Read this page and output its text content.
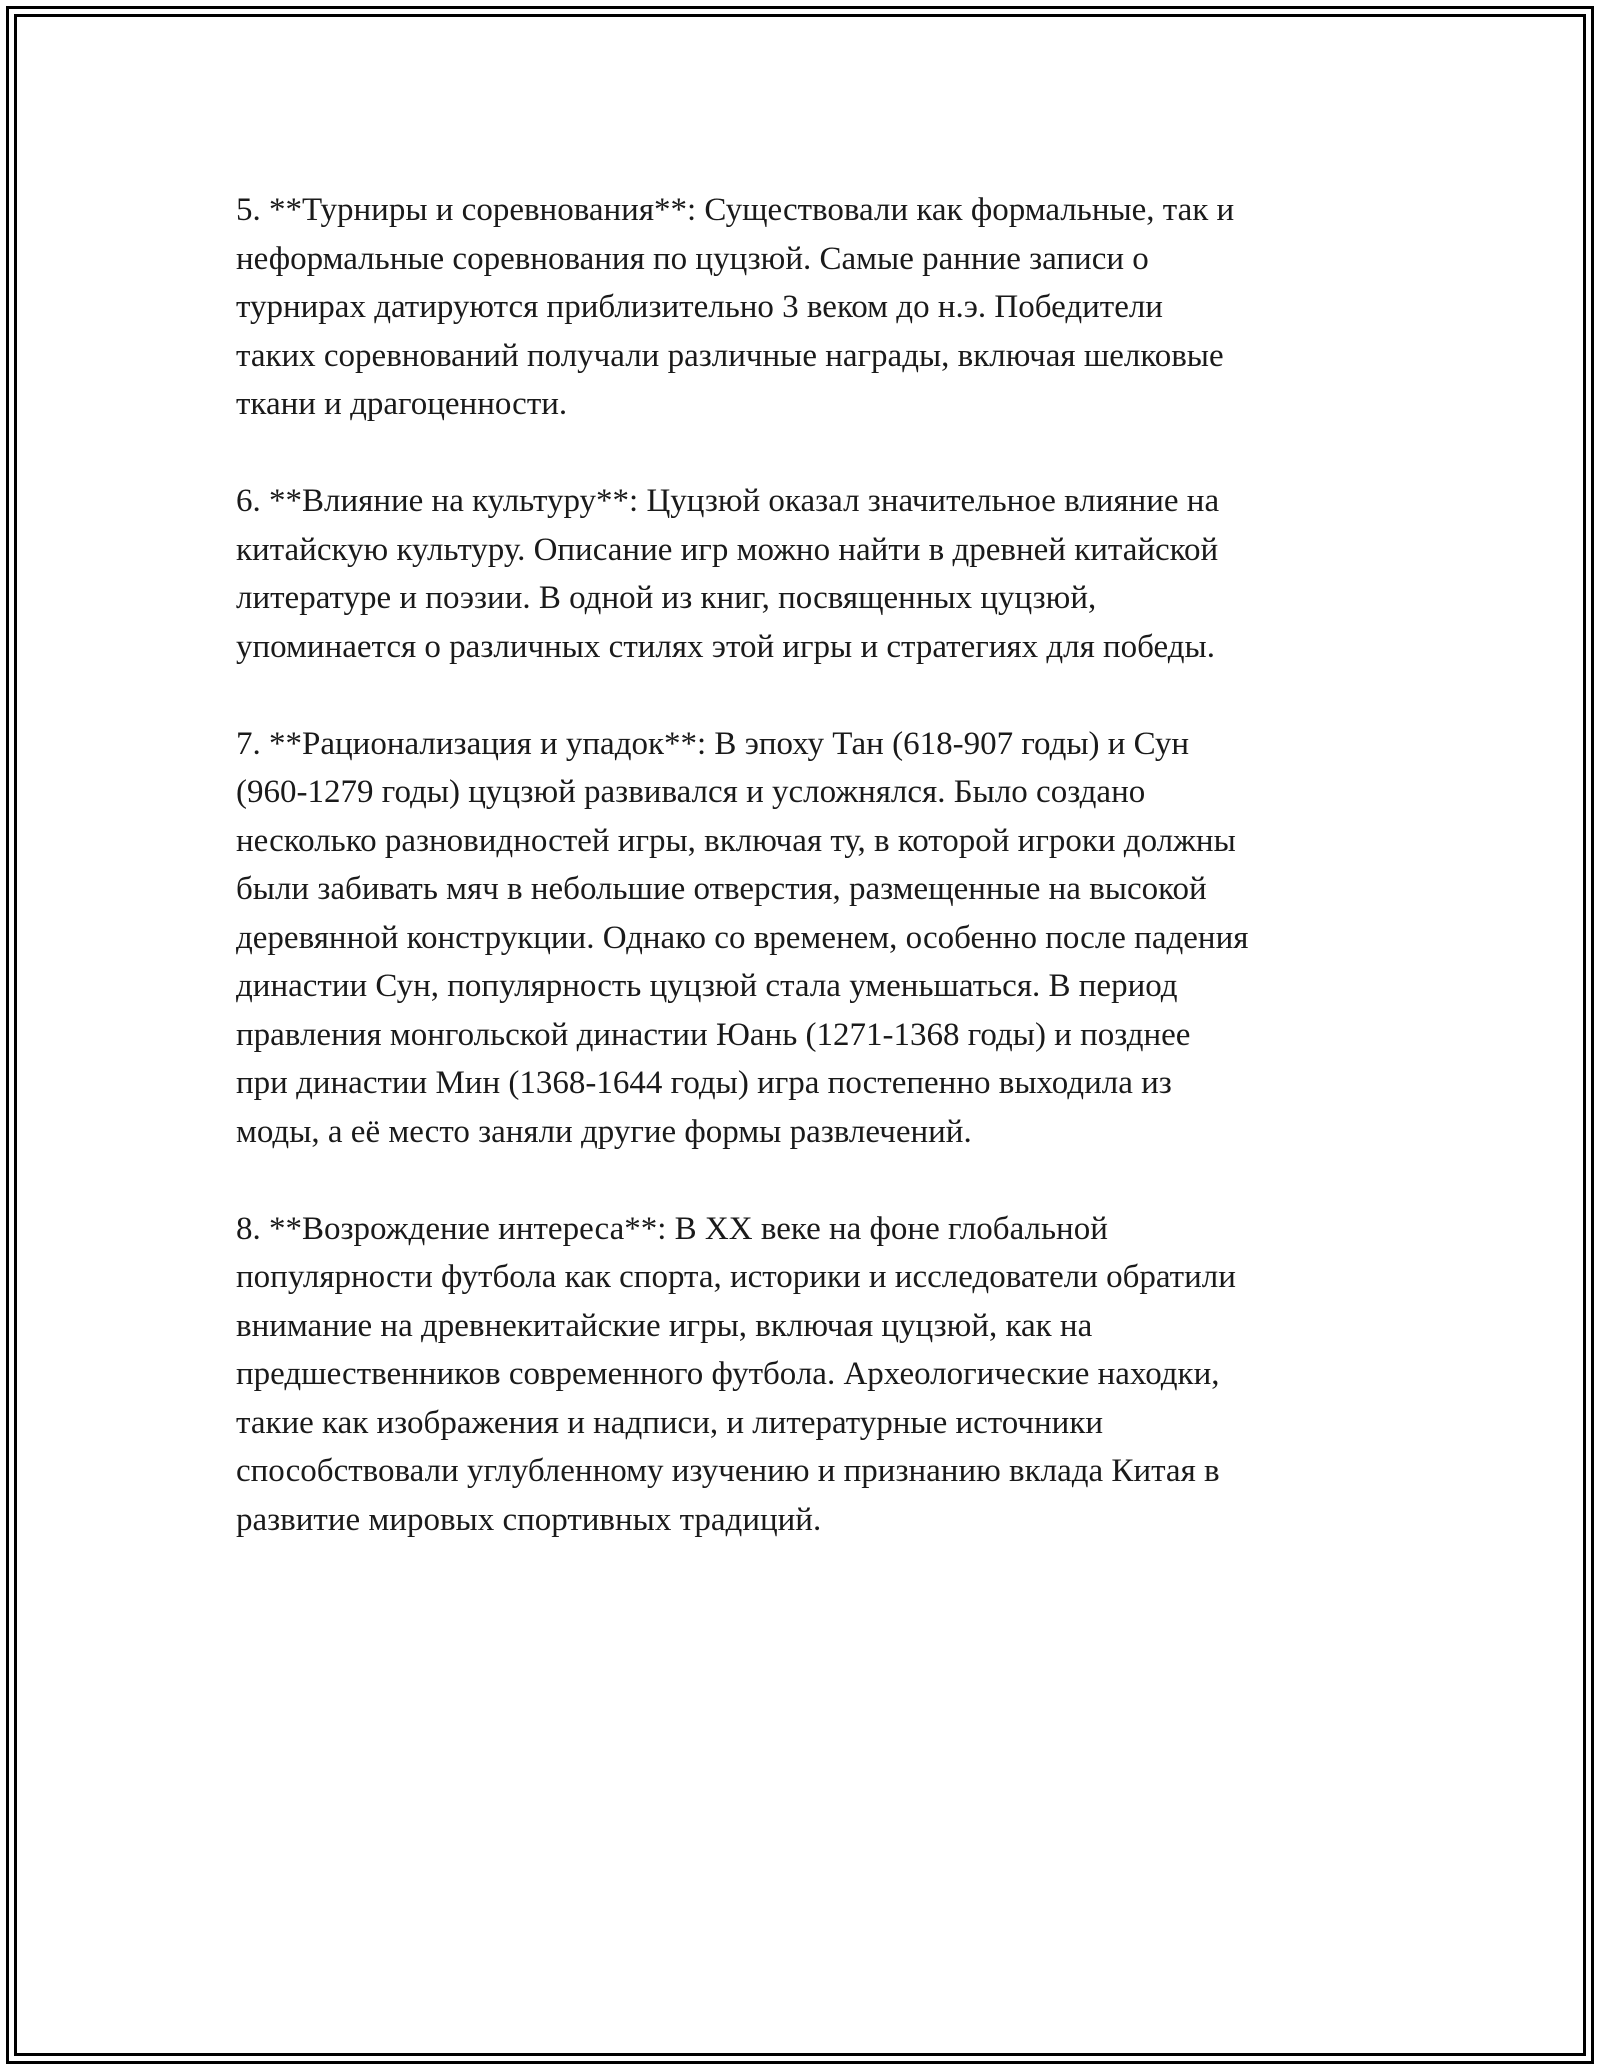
5. **Турниры и соревнования**: Существовали как формальные, так и
неформальные соревнования по цуцзюй. Самые ранние записи о
турнирах датируются приблизительно 3 веком до н.э. Победители
таких соревнований получали различные награды, включая шелковые
ткани и драгоценности.

6. **Влияние на культуру**: Цуцзюй оказал значительное влияние на
китайскую культуру. Описание игр можно найти в древней китайской
литературе и поэзии. В одной из книг, посвященных цуцзюй,
упоминается о различных стилях этой игры и стратегиях для победы.

7. **Рационализация и упадок**: В эпоху Тан (618-907 годы) и Сун
(960-1279 годы) цуцзюй развивался и усложнялся. Было создано
несколько разновидностей игры, включая ту, в которой игроки должны
были забивать мяч в небольшие отверстия, размещенные на высокой
деревянной конструкции. Однако со временем, особенно после падения
династии Сун, популярность цуцзюй стала уменьшаться. В период
правления монгольской династии Юань (1271-1368 годы) и позднее
при династии Мин (1368-1644 годы) игра постепенно выходила из
моды, а её место заняли другие формы развлечений.

8. **Возрождение интереса**: В XX веке на фоне глобальной
популярности футбола как спорта, историки и исследователи обратили
внимание на древнекитайские игры, включая цуцзюй, как на
предшественников современного футбола. Археологические находки,
такие как изображения и надписи, и литературные источники
способствовали углубленному изучению и признанию вклада Китая в
развитие мировых спортивных традиций.
